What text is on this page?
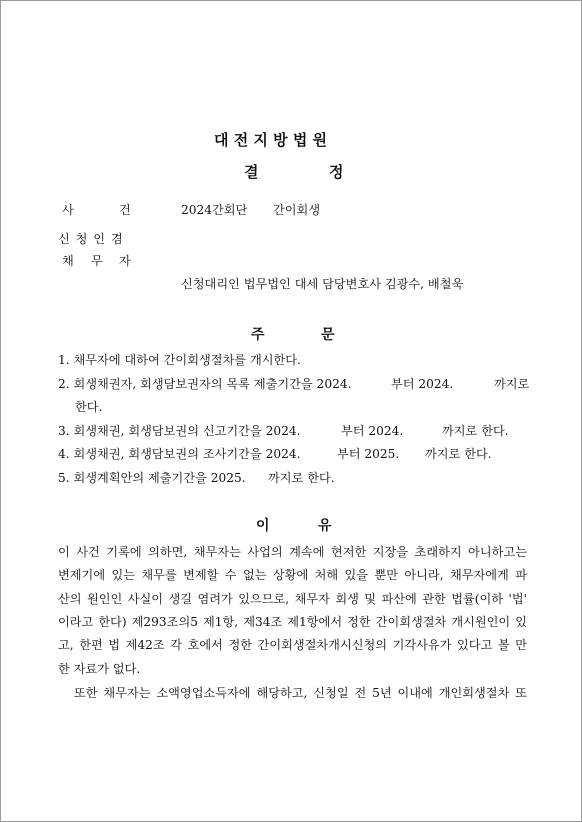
대 전 지 방 법 원
결	정
사	건	2024간회단 간이회생
신 청 인 겸
채 무 자
신청대리인 법무법인 대세 담당변호사 김광수, 배철욱
주	문
1. 채무자에 대하여 간이회생절차를 개시한다.
2. 회생채권자, 회생담보권자의 목록 제출기간을 2024.	부터 2024.	까지로
한다.
3. 회생채권, 회생담보권의 신고기간을 2024.	부터 2024.	까지로 한다.
4. 회생채권, 회생담보권의 조사기간을 2024.	부터 2025. 까지로 한다.
5. 회생계획안의 제출기간을 2025. 까지로 한다.
이	유
이 사건 기록에 의하면, 채무자는 사업의 계속에 현저한 지장을 초래하지 아니하고는
변제기에 있는 채무를 변제할 수 없는 상황에 처해 있을 뿐만 아니라, 채무자에게 파
산의 원인인 사실이 생길 염려가 있으므로, 채무자 회생 및 파산에 관한 법률(이하 '법'
이라고 한다) 제293조의5 제1항, 제34조 제1항에서 정한 간이회생절차 개시원인이 있
고, 한편 법 제42조 각 호에서 정한 간이회생절차개시신청의 기각사유가 있다고 볼 만
한 자료가 없다.
또한 채무자는 소액영업소득자에 해당하고, 신청일 전 5년 이내에 개인회생절차 또
